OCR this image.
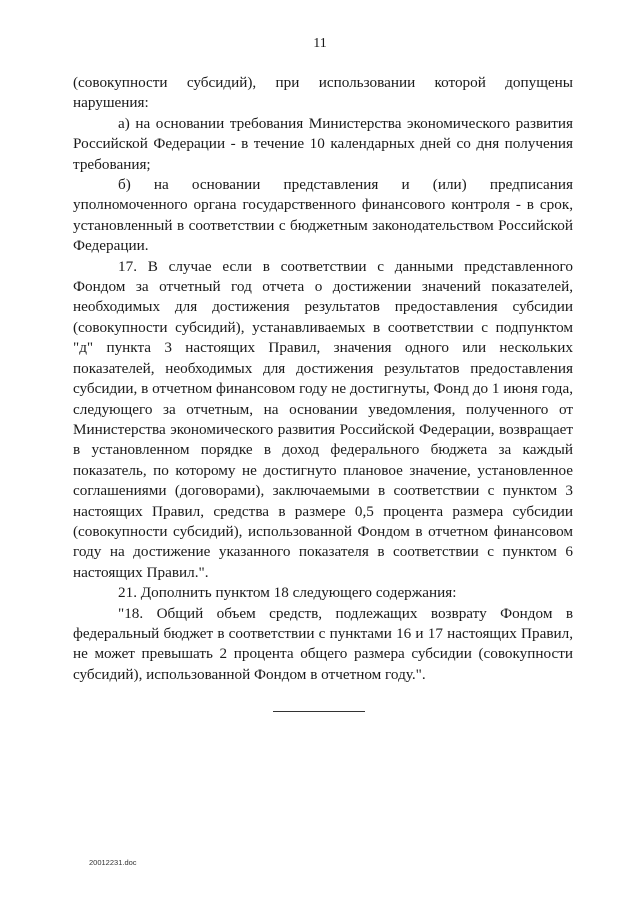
11

(совокупности субсидий), при использовании которой допущены нарушения:

а) на основании требования Министерства экономического развития Российской Федерации - в течение 10 календарных дней со дня получения требования;

б) на основании представления и (или) предписания уполномоченного органа государственного финансового контроля - в срок, установленный в соответствии с бюджетным законодательством Российской Федерации.

17. В случае если в соответствии с данными представленного Фондом за отчетный год отчета о достижении значений показателей, необходимых для достижения результатов предоставления субсидии (совокупности субсидий), устанавливаемых в соответствии с подпунктом "д" пункта 3 настоящих Правил, значения одного или нескольких показателей, необходимых для достижения результатов предоставления субсидии, в отчетном финансовом году не достигнуты, Фонд до 1 июня года, следующего за отчетным, на основании уведомления, полученного от Министерства экономического развития Российской Федерации, возвращает в установленном порядке в доход федерального бюджета за каждый показатель, по которому не достигнуто плановое значение, установленное соглашениями (договорами), заключаемыми в соответствии с пунктом 3 настоящих Правил, средства в размере 0,5 процента размера субсидии (совокупности субсидий), использованной Фондом в отчетном финансовом году на достижение указанного показателя в соответствии с пунктом 6 настоящих Правил.".

21. Дополнить пунктом 18 следующего содержания:

"18. Общий объем средств, подлежащих возврату Фондом в федеральный бюджет в соответствии с пунктами 16 и 17 настоящих Правил, не может превышать 2 процента общего размера субсидии (совокупности субсидий), использованной Фондом в отчетном году.".

20012231.doc
